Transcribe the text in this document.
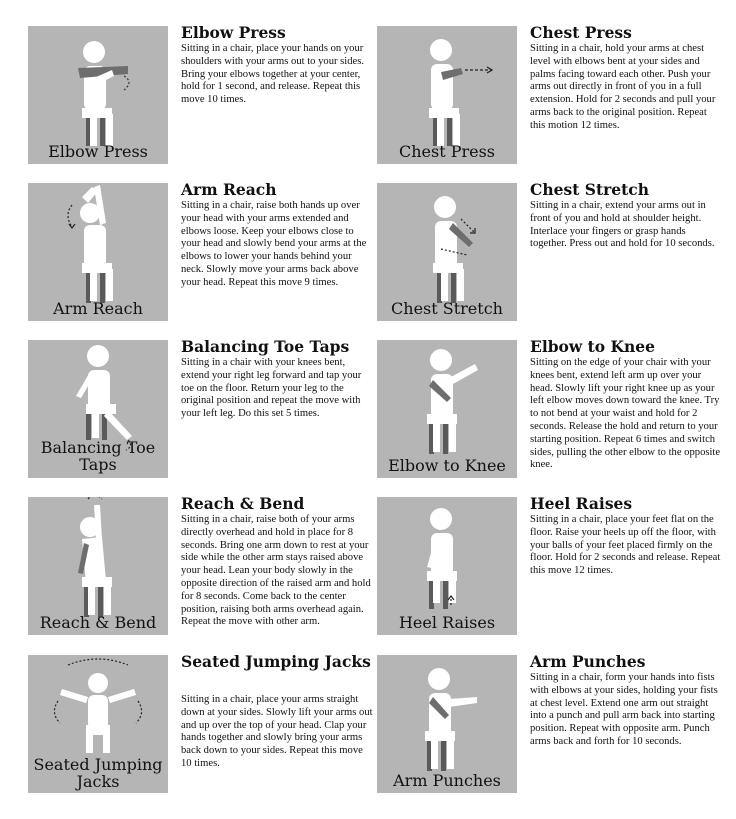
Elbow Press
Elbow Press
Sitting in a chair, place your hands on your shoulders with your arms out to your sides. Bring your elbows together at your center, hold for 1 second, and release. Repeat this move 10 times.
Chest Press
Chest Press
Sitting in a chair, hold your arms at chest level with elbows bent at your sides and palms facing toward each other. Push your arms out directly in front of you in a full extension. Hold for 2 seconds and pull your arms back to the original position. Repeat this motion 12 times.
Arm Reach
Arm Reach
Sitting in a chair, raise both hands up over your head with your arms extended and elbows loose. Keep your elbows close to your head and slowly bend your arms at the elbows to lower your hands behind your neck. Slowly move your arms back above your head. Repeat this move 9 times.
Chest Stretch
Chest Stretch
Sitting in a chair, extend your arms out in front of you and hold at shoulder height. Interlace your fingers or grasp hands together. Press out and hold for 10 seconds.
Balancing Toe Taps
Balancing Toe Taps
Sitting in a chair with your knees bent, extend your right leg forward and tap your toe on the floor. Return your leg to the original position and repeat the move with your left leg. Do this set 5 times.
Elbow to Knee
Elbow to Knee
Sitting on the edge of your chair with your knees bent, extend left arm up over your head. Slowly lift your right knee up as your left elbow moves down toward the knee. Try to not bend at your waist and hold for 2 seconds. Release the hold and return to your starting position. Repeat 6 times and switch sides, pulling the other elbow to the opposite knee.
Reach & Bend
Reach & Bend
Sitting in a chair, raise both of your arms directly overhead and hold in place for 8 seconds. Bring one arm down to rest at your side while the other arm stays raised above your head. Lean your body slowly in the opposite direction of the raised arm and hold for 8 seconds. Come back to the center position, raising both arms overhead again. Repeat the move with other arm.	Heel Raises
Heel Raises
Sitting in a chair, place your feet flat on the floor. Raise your heels up off the floor, with your balls of your feet placed firmly on the floor. Hold for 2 seconds and release. Repeat this move 12 times.
Seated Jumping Jacks
Seated Jumping Jacks
Sitting in a chair, place your arms straight down at your sides. Slowly lift your arms out and up over the top of your head. Clap your hands together and slowly bring your arms back down to your sides. Repeat this move 10 times.
Arm Punches
Arm Punches
Sitting in a chair, form your hands into fists with elbows at your sides, holding your fists at chest level. Extend one arm out straight into a punch and pull arm back into starting position. Repeat with opposite arm. Punch arms back and forth for 10 seconds.
